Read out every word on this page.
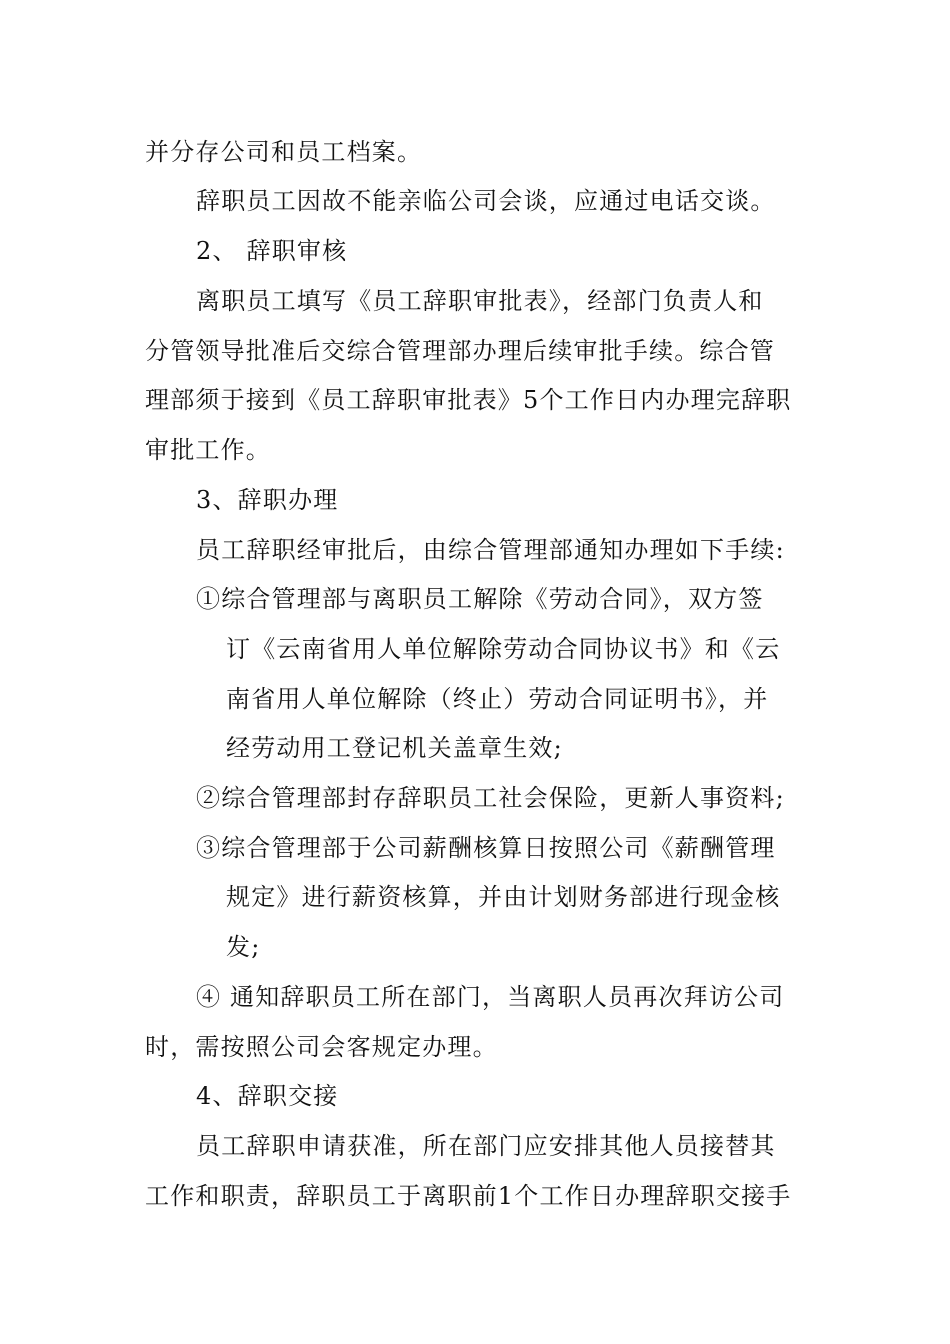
并分存公司和员工档案。
辞职员工因故不能亲临公司会谈，应通过电话交谈。
2、 辞职审核
离职员工填写《员工辞职审批表》，经部门负责人和
分管领导批准后交综合管理部办理后续审批手续。综合管
理部须于接到《员工辞职审批表》5个工作日内办理完辞职
审批工作。
3、辞职办理
员工辞职经审批后，由综合管理部通知办理如下手续:
①综合管理部与离职员工解除《劳动合同》，双方签
订《云南省用人单位解除劳动合同协议书》和《云
南省用人单位解除（终止）劳动合同证明书》，并
经劳动用工登记机关盖章生效;
②综合管理部封存辞职员工社会保险，更新人事资料;
③综合管理部于公司薪酬核算日按照公司《薪酬管理
规定》进行薪资核算，并由计划财务部进行现金核
发;
④ 通知辞职员工所在部门，当离职人员再次拜访公司
时，需按照公司会客规定办理。
4、辞职交接
员工辞职申请获准，所在部门应安排其他人员接替其
工作和职责，辞职员工于离职前1个工作日办理辞职交接手
